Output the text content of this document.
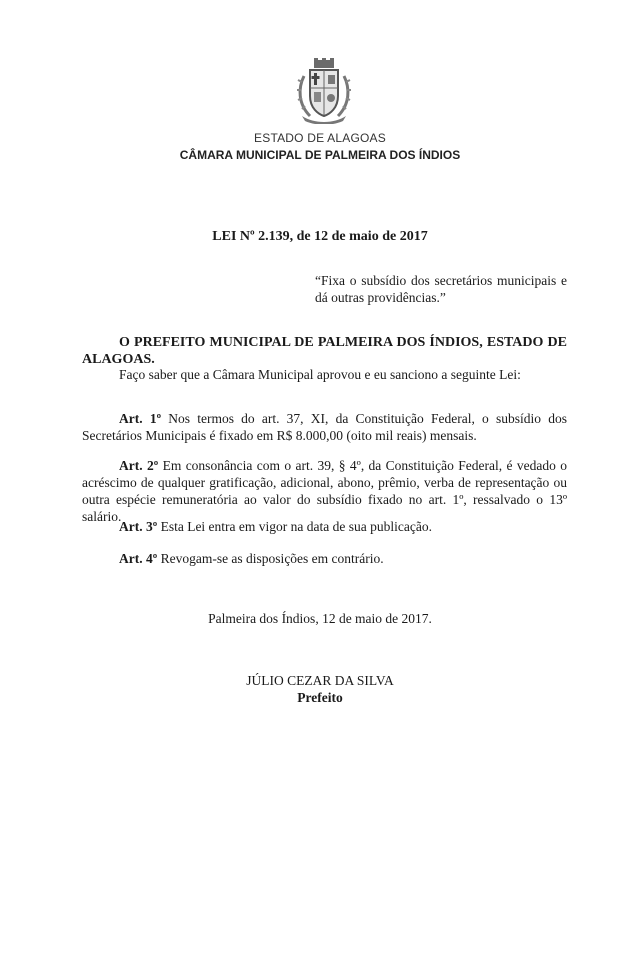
ESTADO DE ALAGOAS
CÂMARA MUNICIPAL DE PALMEIRA DOS ÍNDIOS
LEI Nº 2.139, de 12 de maio de 2017
“Fixa o subsídio dos secretários municipais e dá outras providências.”
O PREFEITO MUNICIPAL DE PALMEIRA DOS ÍNDIOS, ESTADO DE ALAGOAS.
Faço saber que a Câmara Municipal aprovou e eu sanciono a seguinte Lei:
Art. 1º Nos termos do art. 37, XI, da Constituição Federal, o subsídio dos Secretários Municipais é fixado em R$ 8.000,00 (oito mil reais) mensais.
Art. 2º Em consonância com o art. 39, § 4º, da Constituição Federal, é vedado o acréscimo de qualquer gratificação, adicional, abono, prêmio, verba de representação ou outra espécie remuneratória ao valor do subsídio fixado no art. 1º, ressalvado o 13º salário.
Art. 3º Esta Lei entra em vigor na data de sua publicação.
Art. 4º Revogam-se as disposições em contrário.
Palmeira dos Índios, 12 de maio de 2017.
JÚLIO CEZAR DA SILVA
Prefeito
